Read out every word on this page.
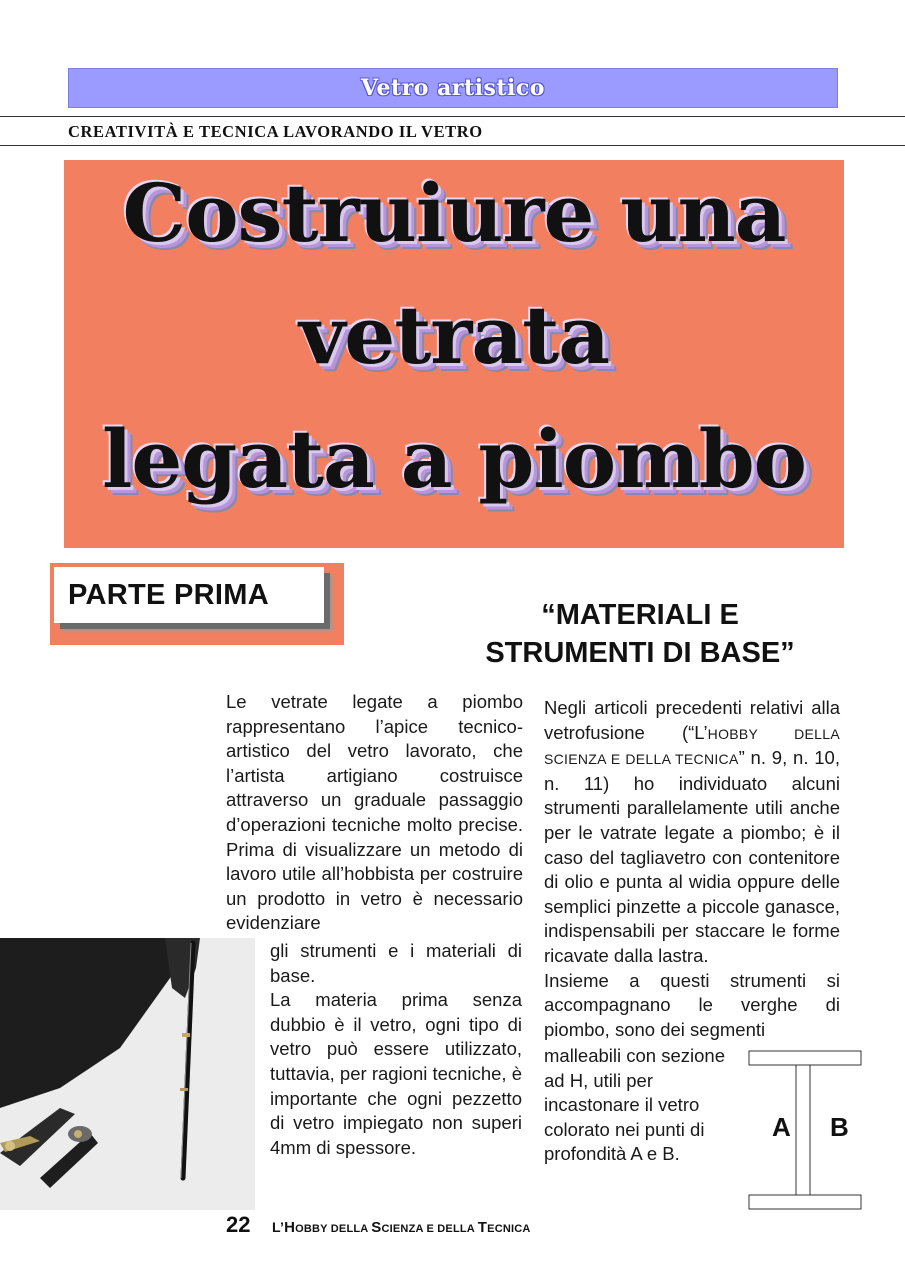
Vetro artistico
CREATIVITÀ E TECNICA LAVORANDO IL VETRO
Costruiure una
vetrata
legata a piombo
PARTE PRIMA
“MATERIALI E
STRUMENTI DI BASE”
Le vetrate legate a piombo rappresentano l’apice tecnico-artistico del vetro lavorato, che l’artista artigiano costruisce attraverso un graduale passaggio d’operazioni tecniche molto precise. Prima di visualizzare un metodo di lavoro utile all’hobbista per costruire un prodotto in vetro è necessario evidenziare
gli strumenti e i materiali di base.
La materia prima senza dubbio è il vetro, ogni tipo di vetro può essere utilizzato, tuttavia, per ragioni tecniche, è importante che ogni pezzetto di vetro impiegato non superi 4mm di spessore.
Negli articoli precedenti relativi alla vetrofusione (“L’HOBBY DELLA SCIENZA E DELLA TECNICA” n. 9, n. 10, n. 11) ho individuato alcuni strumenti parallelamente utili anche per le vatrate legate a piombo; è il caso del tagliavetro con contenitore di olio e punta al widia oppure delle semplici pinzette a piccole ganasce, indispensabili per staccare le forme ricavate dalla lastra.
Insieme a questi strumenti si accompagnano le verghe di piombo, sono dei segmenti
malleabili con sezione ad H, utili per incastonare il vetro colorato nei punti di profondità A e B.
A B
22 L’HOBBY DELLA SCIENZA E DELLA TECNICA
